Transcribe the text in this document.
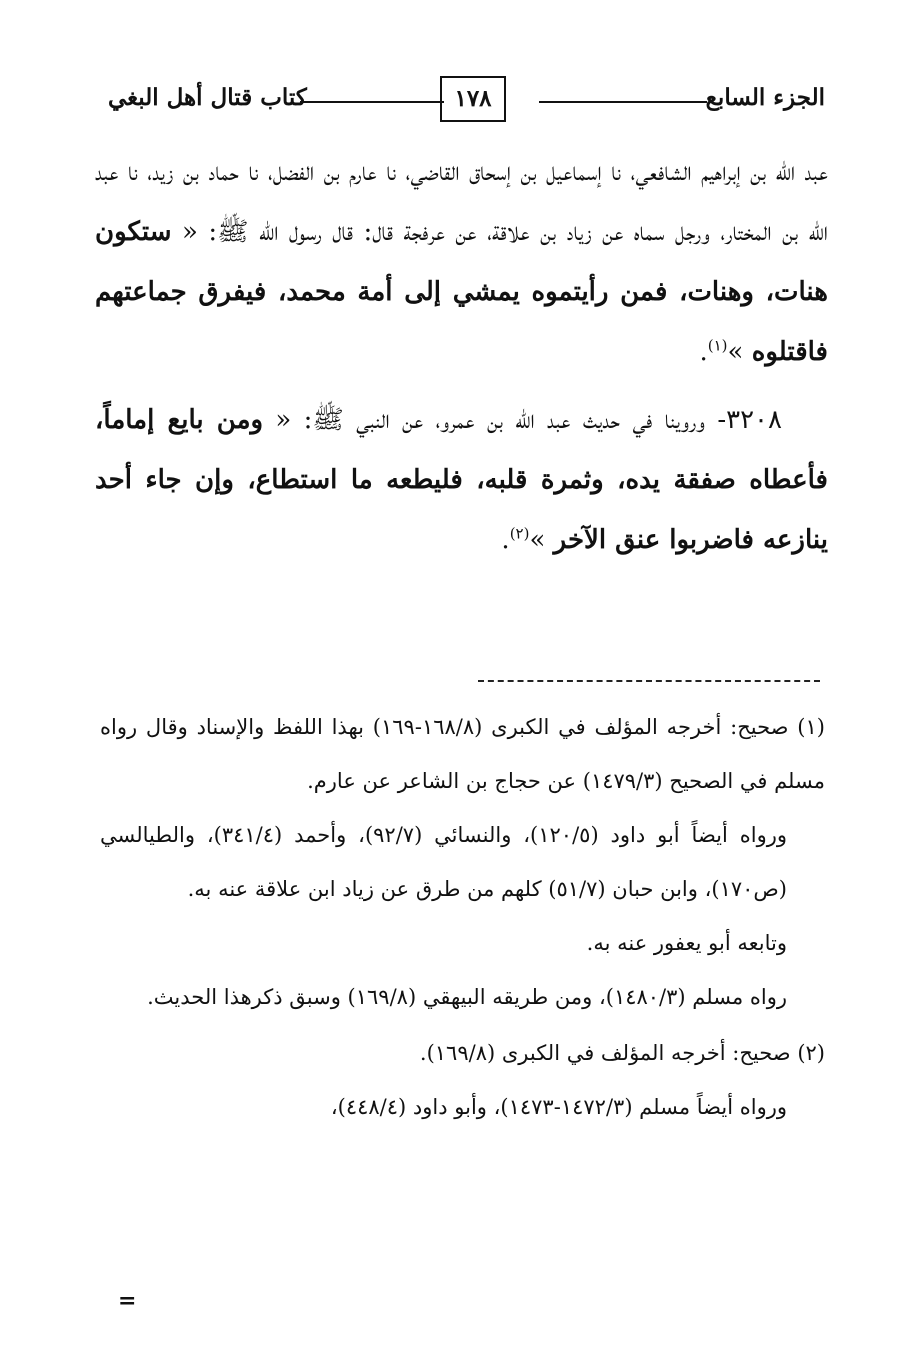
الجزء السابع
١٧٨
كتاب قتال أهل البغي

عبد الله بن إبراهيم الشافعي، نا إسماعيل بن إسحاق القاضي، نا عارم بن الفضل، نا حماد بن زيد، نا عبد الله بن المختار، ورجل سماه عن زياد بن علاقة، عن عرفجة قال: قال رسول الله ﷺ: « ستكون هنات، وهنات، فمن رأيتموه يمشي إلى أمة محمد، فيفرق جماعتهم فاقتلوه »$^{(١)}$.

٣٢٠٨- وروينا في حديث عبد الله بن عمرو، عن النبي ﷺ: « ومن بايع إماماً، فأعطاه صفقة يده، وثمرة قلبه، فليطعه ما استطاع، وإن جاء أحد ينازعه فاضربوا عنق الآخر »$^{(٢)}$.

(١) صحيح: أخرجه المؤلف في الكبرى (١٦٨/٨-١٦٩) بهذا اللفظ والإسناد وقال رواه مسلم في الصحيح (١٤٧٩/٣) عن حجاج بن الشاعر عن عارم.

ورواه أيضاً أبو داود (١٢٠/٥)، والنسائي (٩٢/٧)، وأحمد (٣٤١/٤)، والطيالسي (ص١٧٠)، وابن حبان (٥١/٧) كلهم من طرق عن زياد ابن علاقة عنه به.

وتابعه أبو يعفور عنه به.

رواه مسلم (١٤٨٠/٣)، ومن طريقه البيهقي (١٦٩/٨) وسبق ذكرهذا الحديث.

(٢) صحيح: أخرجه المؤلف في الكبرى (١٦٩/٨).

ورواه أيضاً مسلم (١٤٧٢/٣-١٤٧٣)، وأبو داود (٤٤٨/٤)،

=
